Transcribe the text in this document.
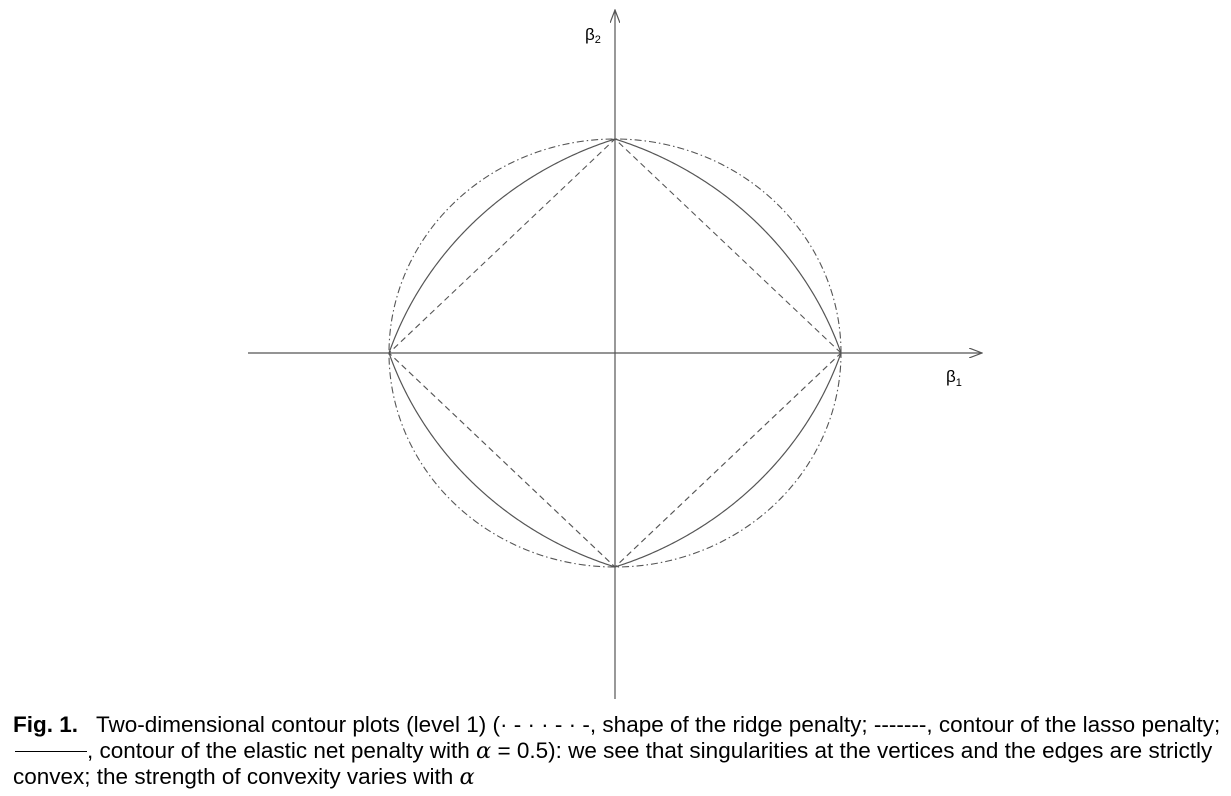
β2
$\beta_1$
Fig. 1. Two-dimensional contour plots (level 1) (· - · · - · -, shape of the ridge penalty; -------, contour of the lasso penalty; , contour of the elastic net penalty with α = 0.5): we see that singularities at the vertices and the edges are strictly convex; the strength of convexity varies with α
